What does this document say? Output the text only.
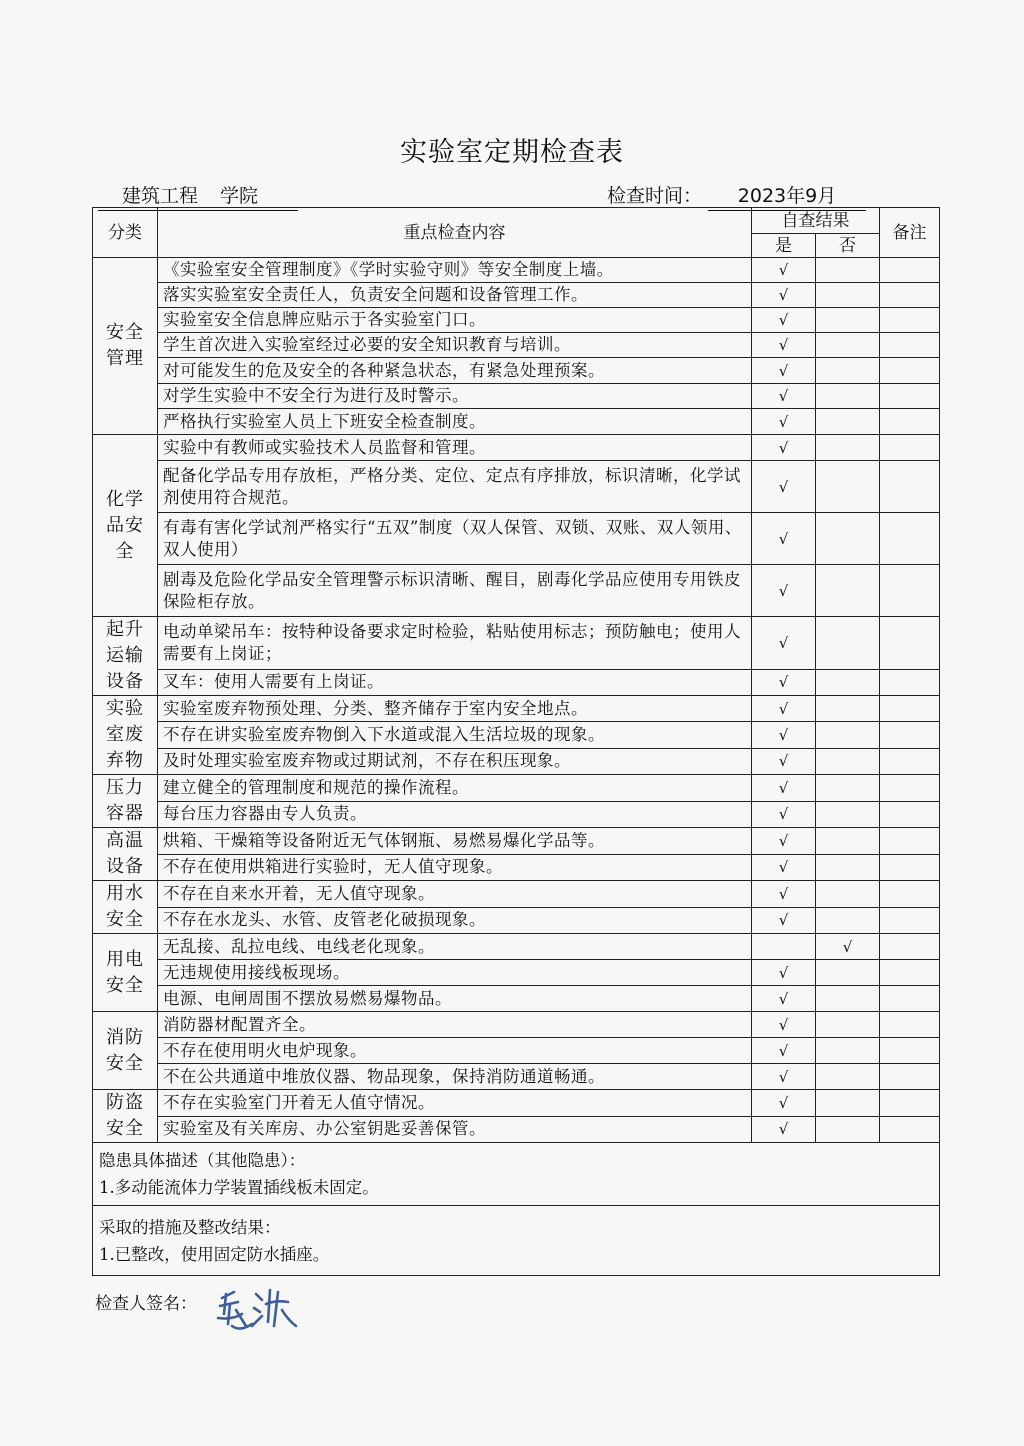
实验室定期检查表
建筑工程 学院	检查时间： 2023年9月
分类	重点检查内容	自查结果		备注
		是	否	
安全管理	《实验室安全管理制度》《学时实验守则》等安全制度上墙。	√		
	落实实验室安全责任人，负责安全问题和设备管理工作。	√		
	实验室安全信息牌应贴示于各实验室门口。	√		
	学生首次进入实验室经过必要的安全知识教育与培训。	√		
	对可能发生的危及安全的各种紧急状态，有紧急处理预案。	√		
	对学生实验中不安全行为进行及时警示。	√		
	严格执行实验室人员上下班安全检查制度。	√		
化学品安全	实验中有教师或实验技术人员监督和管理。	√		
	配备化学品专用存放柜，严格分类、定位、定点有序排放，标识清晰，化学试剂使用符合规范。	√		
	有毒有害化学试剂严格实行“五双”制度（双人保管、双锁、双账、双人领用、双人使用）	√		
	剧毒及危险化学品安全管理警示标识清晰、醒目，剧毒化学品应使用专用铁皮保险柜存放。	√		
起升运输设备	电动单梁吊车：按特种设备要求定时检验，粘贴使用标志；预防触电；使用人需要有上岗证；	√		
	叉车：使用人需要有上岗证。	√		
实验室废弃物	实验室废弃物预处理、分类、整齐储存于室内安全地点。	√		
	不存在讲实验室废弃物倒入下水道或混入生活垃圾的现象。	√		
	及时处理实验室废弃物或过期试剂，不存在积压现象。	√		
压力容器	建立健全的管理制度和规范的操作流程。	√		
	每台压力容器由专人负责。	√		
高温设备	烘箱、干燥箱等设备附近无气体钢瓶、易燃易爆化学品等。	√		
	不存在使用烘箱进行实验时，无人值守现象。	√		
用水安全	不存在自来水开着，无人值守现象。	√		
	不存在水龙头、水管、皮管老化破损现象。	√		
用电安全	无乱接、乱拉电线、电线老化现象。		√	
	无违规使用接线板现场。	√		
	电源、电闸周围不摆放易燃易爆物品。	√		
消防安全	消防器材配置齐全。	√		
	不存在使用明火电炉现象。	√		
	不在公共通道中堆放仪器、物品现象，保持消防通道畅通。	√		
防盗安全	不存在实验室门开着无人值守情况。	√		
	实验室及有关库房、办公室钥匙妥善保管。	√		

隐患具体描述（其他隐患）：
1.多动能流体力学装置插线板未固定。				

采取的措施及整改结果：
1.已整改，使用固定防水插座。				
检查人签名：
